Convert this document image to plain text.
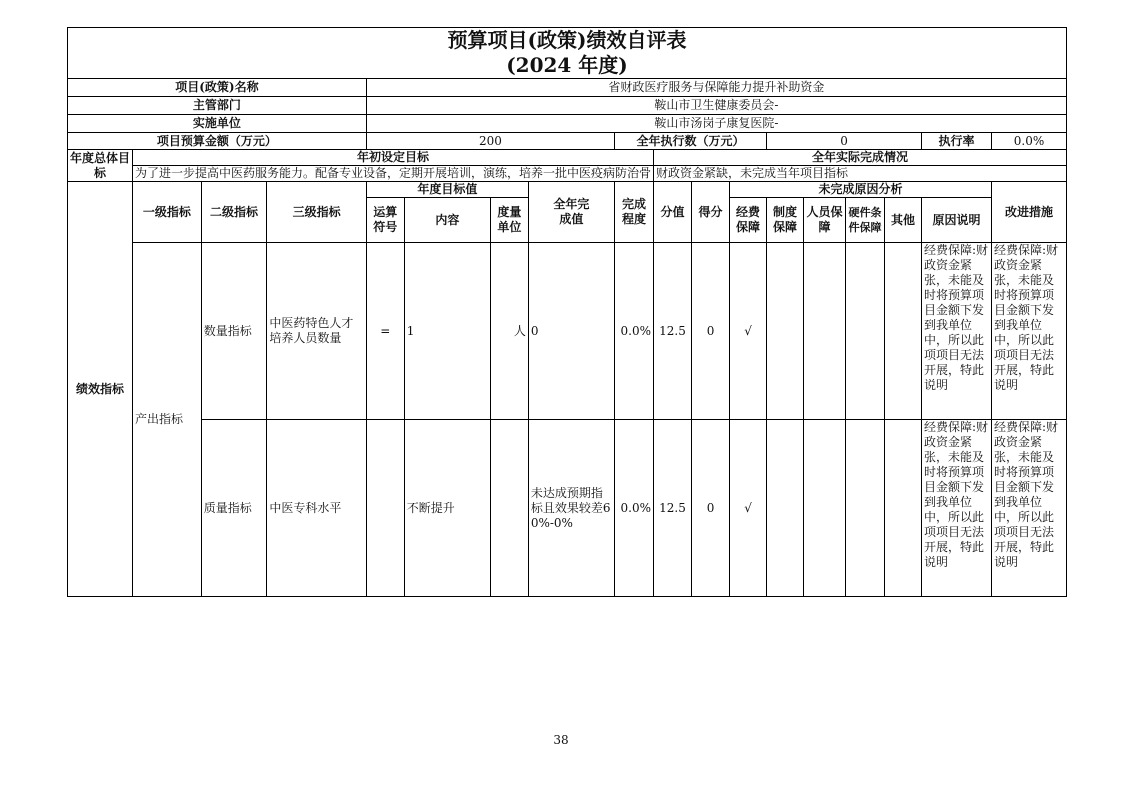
预算项目(政策)绩效自评表
(2024 年度)																	

项目(政策)名称				省财政医疗服务与保障能力提升补助资金													
主管部门				鞍山市卫生健康委员会-													
实施单位				鞍山市汤岗子康复医院-													
项目预算金额（万元）				200				全年执行数（万元）				0				执行率	0.0%
年度总体目标	年初设定目标								全年实际完成情况								
	为了进一步提高中医药服务能力。配备专业设备，定期开展培训，演练，培养一批中医疫病防治骨								财政资金紧缺，未完成当年项目指标								
绩效指标	一级指标	二级指标	三级指标	年度目标值			全年完成值	完成程度	分值	得分	未完成原因分析						改进措施
				运算符号	内容	度量单位					经费保障	制度保障	人员保障	硬件条件保障	其他	原因说明	
	产出指标	数量指标	中医药特色人才培养人员数量	=	1	人	0	0.0%	12.5	0	√					经费保障:财政资金紧张，未能及时将预算项目金额下发到我单位中，所以此项项目无法开展，特此说明	经费保障:财政资金紧张，未能及时将预算项目金额下发到我单位中，所以此项项目无法开展，特此说明
		质量指标	中医专科水平		不断提升		未达成预期指标且效果较差60%-0%	0.0%	12.5	0	√					经费保障:财政资金紧张，未能及时将预算项目金额下发到我单位中，所以此项项目无法开展，特此说明	经费保障:财政资金紧张，未能及时将预算项目金额下发到我单位中，所以此项项目无法开展，特此说明
38
